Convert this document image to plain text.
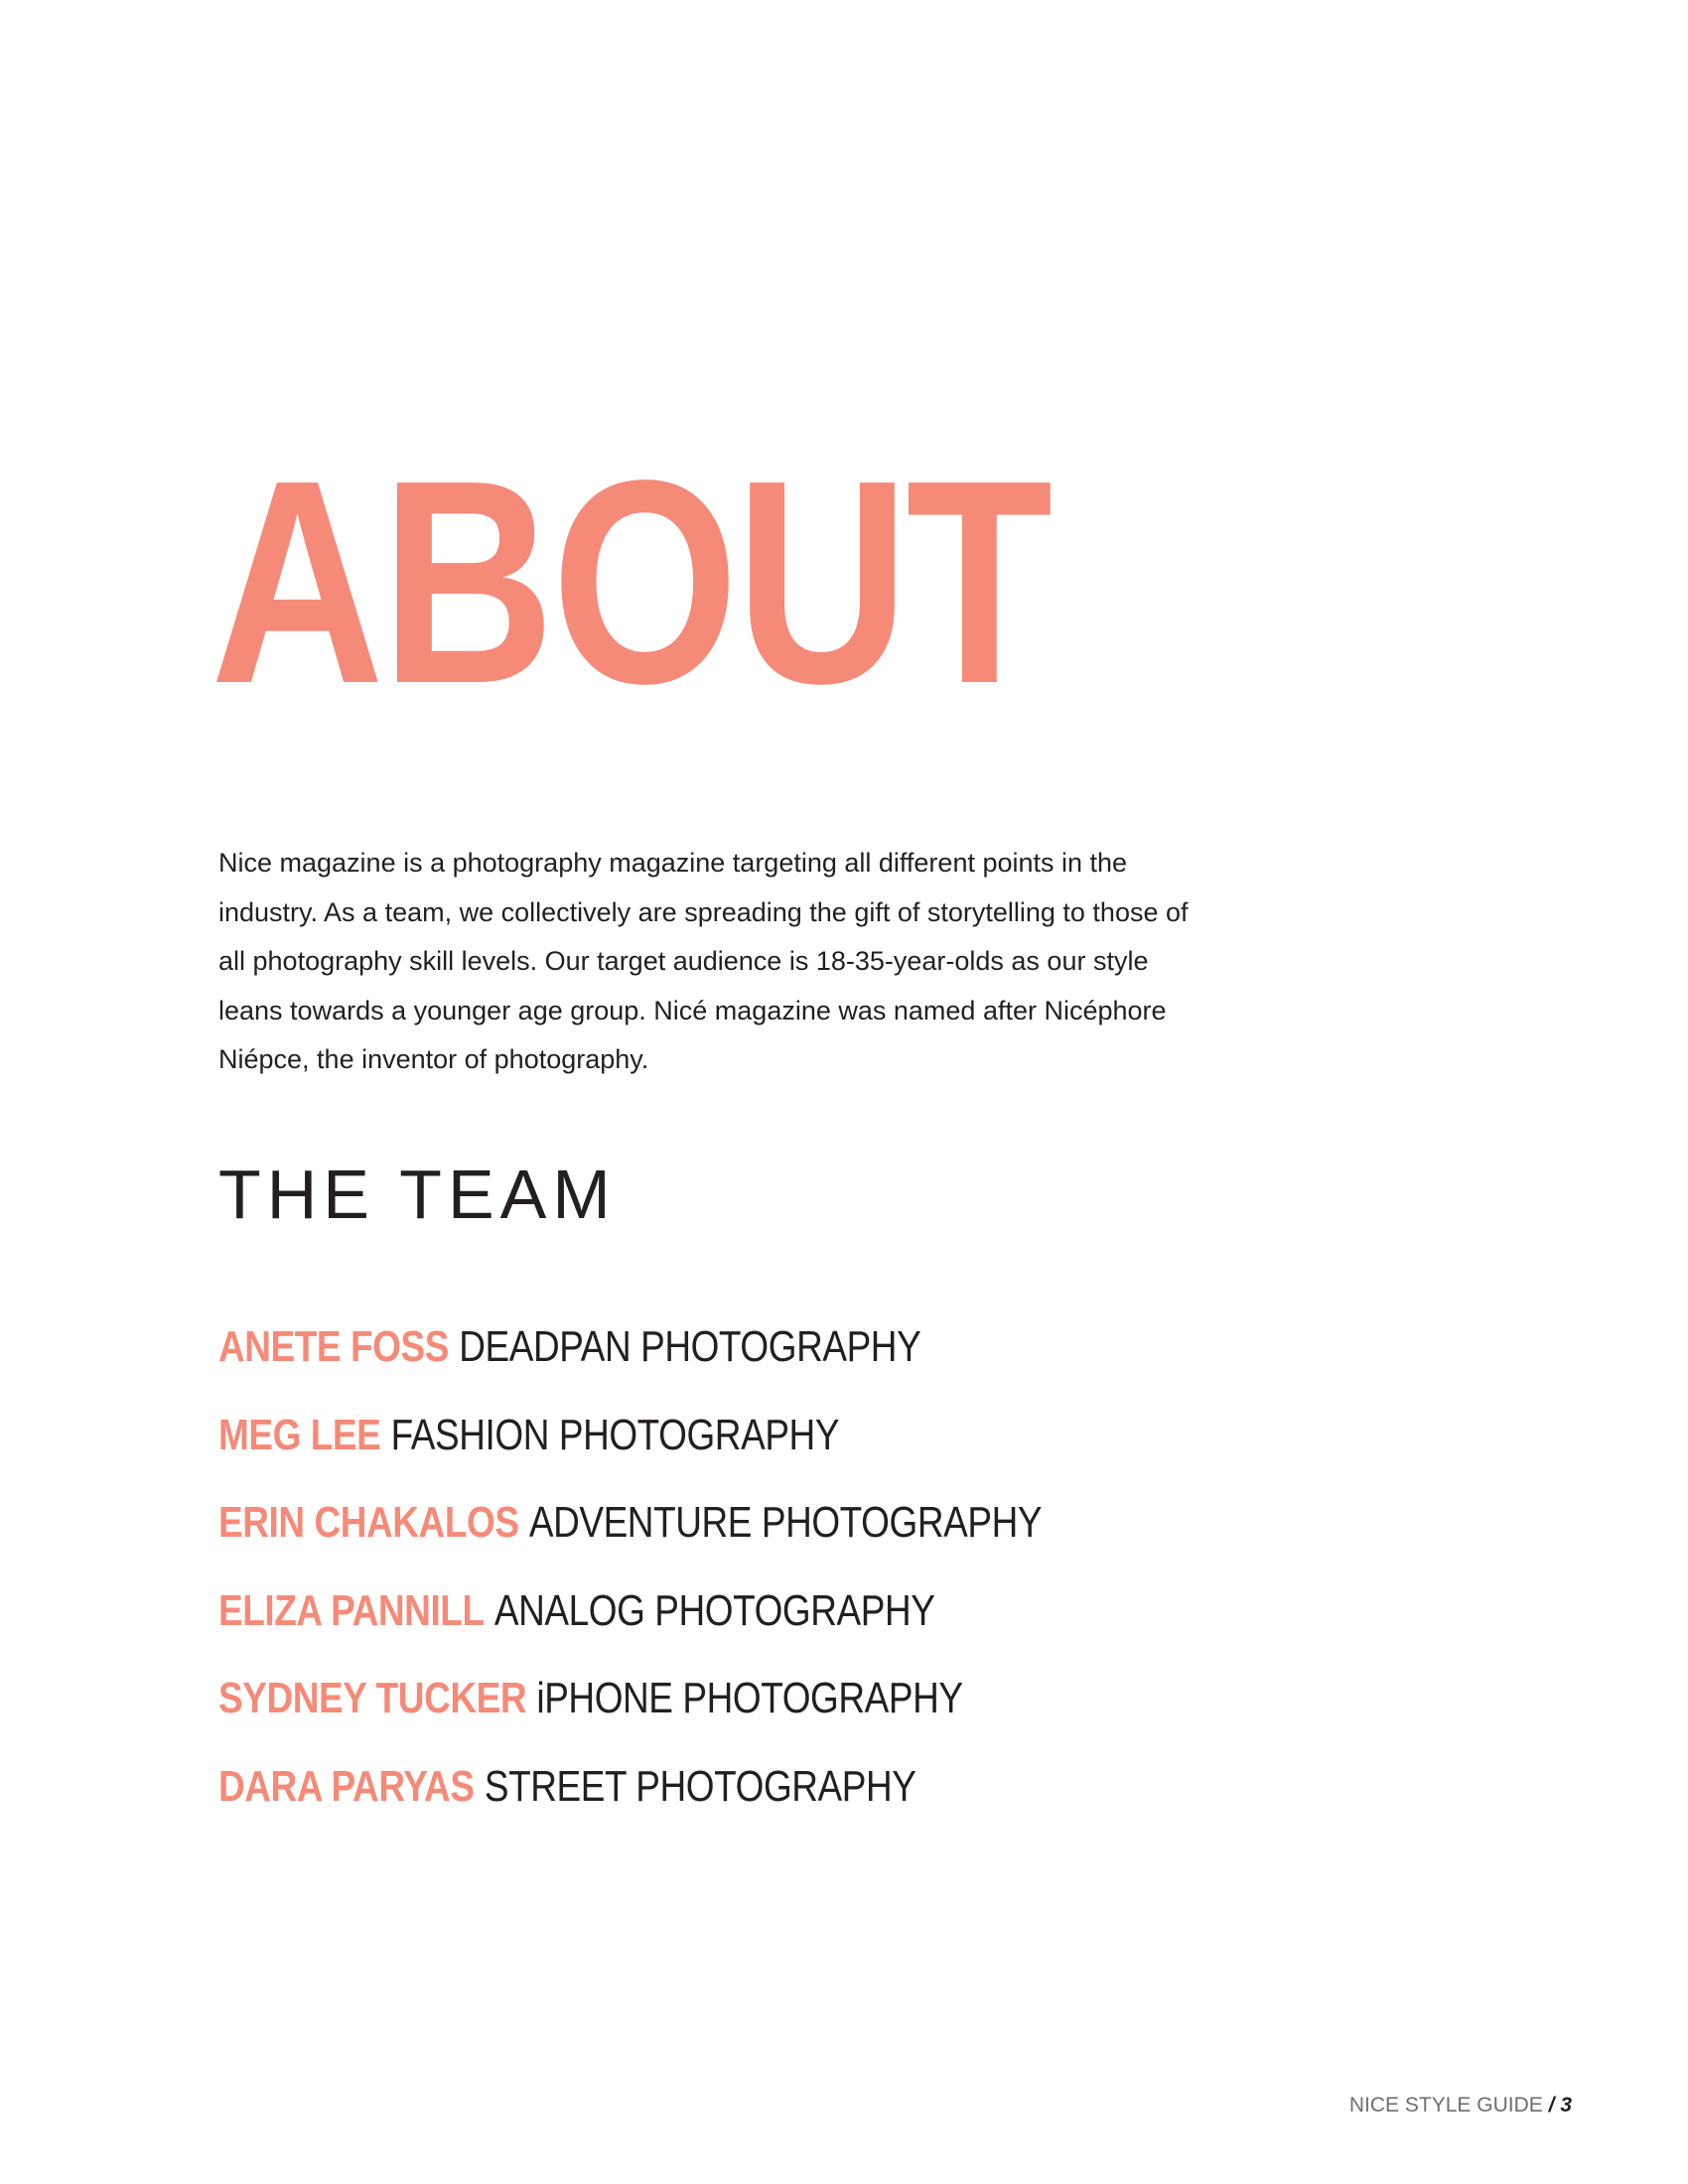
ABOUT

Nice magazine is a photography magazine targeting all different points in the industry. As a team, we collectively are spreading the gift of storytelling to those of all photography skill levels. Our target audience is 18-35-year-olds as our style leans towards a younger age group. Nicé magazine was named after Nicéphore Niépce, the inventor of photography.

THE TEAM
ANETE FOSS DEADPAN PHOTOGRAPHY
MEG LEE FASHION PHOTOGRAPHY
ERIN CHAKALOS ADVENTURE PHOTOGRAPHY
ELIZA PANNILL ANALOG PHOTOGRAPHY
SYDNEY TUCKER iPHONE PHOTOGRAPHY
DARA PARYAS STREET PHOTOGRAPHY
NICE STYLE GUIDE / 3
